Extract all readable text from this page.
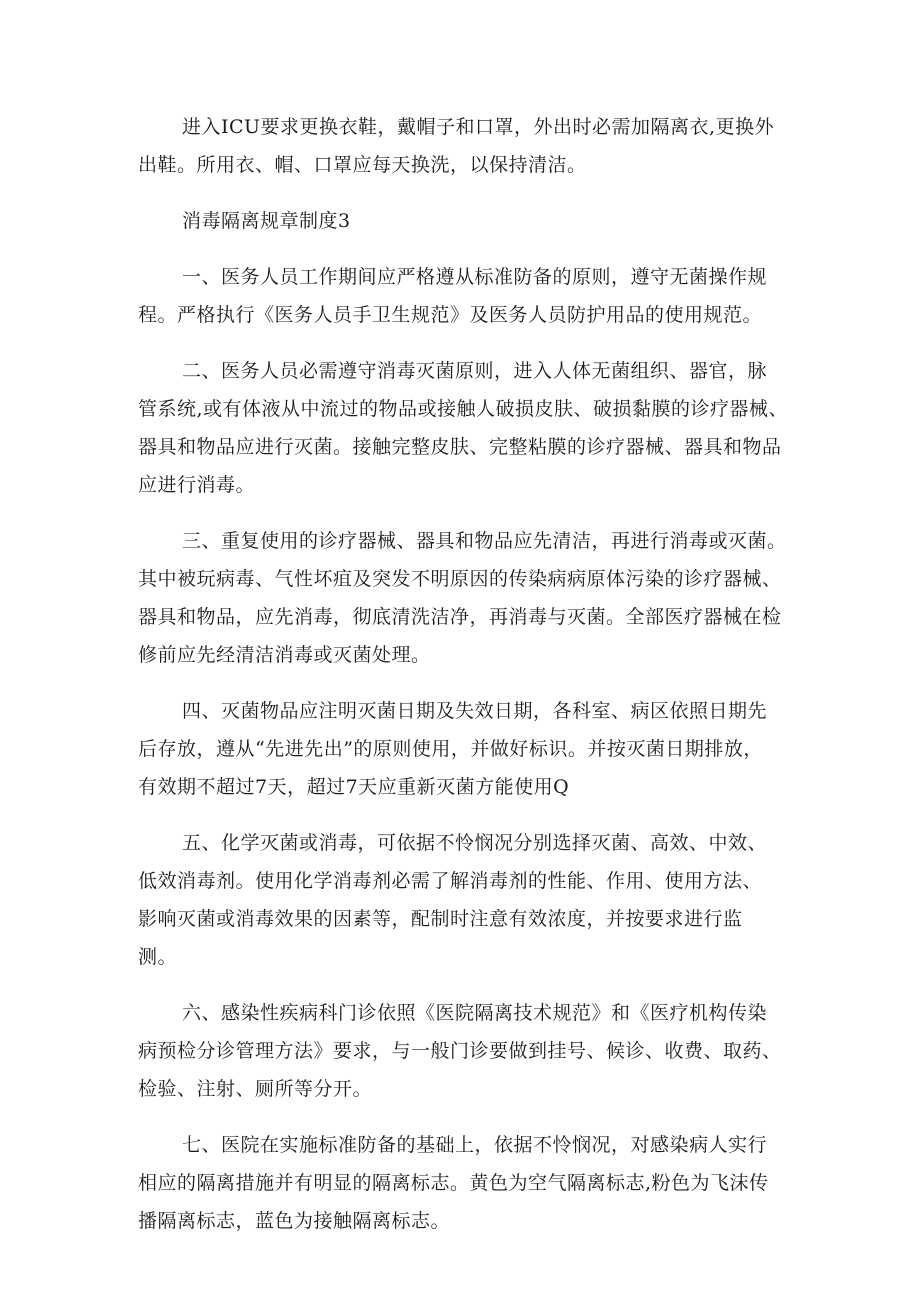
进入ICU要求更换衣鞋，戴帽子和口罩，外出时必需加隔离衣,更换外
出鞋。所用衣、帽、口罩应每天换洗，以保持清洁。
消毒隔离规章制度3
一、医务人员工作期间应严格遵从标准防备的原则，遵守无菌操作规
程。严格执行《医务人员手卫生规范》及医务人员防护用品的使用规范。
二、医务人员必需遵守消毒灭菌原则，进入人体无菌组织、器官，脉
管系统,或有体液从中流过的物品或接触人破损皮肤、破损黏膜的诊疗器械、
器具和物品应进行灭菌。接触完整皮肤、完整粘膜的诊疗器械、器具和物品
应进行消毒。
三、重复使用的诊疗器械、器具和物品应先清洁，再进行消毒或灭菌。
其中被玩病毒、气性坏疽及突发不明原因的传染病病原体污染的诊疗器械、
器具和物品，应先消毒，彻底清洗洁净，再消毒与灭菌。全部医疗器械在检
修前应先经清洁消毒或灭菌处理。
四、灭菌物品应注明灭菌日期及失效日期，各科室、病区依照日期先
后存放，遵从“先进先出”的原则使用，并做好标识。并按灭菌日期排放，
有效期不超过7天，超过7天应重新灭菌方能使用Q
五、化学灭菌或消毒，可依据不怜悯况分别选择灭菌、高效、中效、
低效消毒剂。使用化学消毒剂必需了解消毒剂的性能、作用、使用方法、
影响灭菌或消毒效果的因素等，配制时注意有效浓度，并按要求进行监
测。
六、感染性疾病科门诊依照《医院隔离技术规范》和《医疗机构传染
病预检分诊管理方法》要求，与一般门诊要做到挂号、候诊、收费、取药、
检验、注射、厕所等分开。
七、医院在实施标准防备的基础上，依据不怜悯况，对感染病人实行
相应的隔离措施并有明显的隔离标志。黄色为空气隔离标志,粉色为飞沫传
播隔离标志，蓝色为接触隔离标志。
